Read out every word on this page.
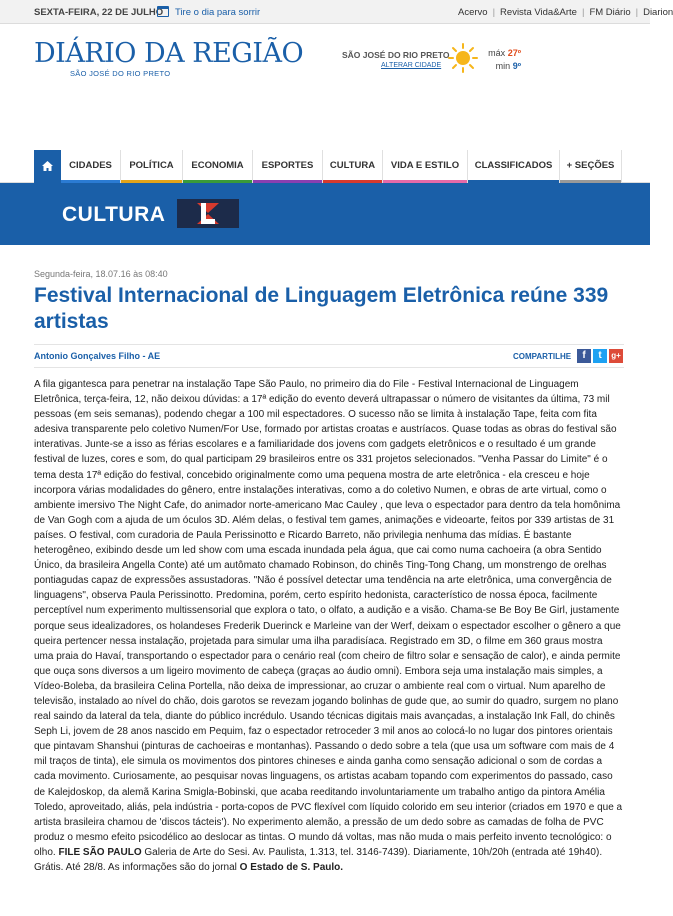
SEXTA-FEIRA, 22 DE JULHO Tire o dia para sorrir	Acervo | Revista Vida&Arte | FM Diário | Diarion
DIÁRIO DA REGIÃO
SÃO JOSÉ DO RIO PRETO
SÃO JOSÉ DO RIO PRETO
ALTERAR CIDADE
máx 27º
min 9º
CIDADES	POLÍTICA	ECONOMIA	ESPORTES	CULTURA	VIDA E ESTILO	CLASSIFICADOS	+ SEÇÕES
CULTURA
Segunda-feira, 18.07.16 às 08:40
Festival Internacional de Linguagem Eletrônica reúne 339 artistas
Antonio Gonçalves Filho - AE	COMPARTILHE	f	t	g+

A fila gigantesca para penetrar na instalação Tape São Paulo, no primeiro dia do File - Festival Internacional de Linguagem Eletrônica, terça-feira, 12, não deixou dúvidas: a 17ª edição do evento deverá ultrapassar o número de visitantes da última, 73 mil pessoas (em seis semanas), podendo chegar a 100 mil espectadores. O sucesso não se limita à instalação Tape, feita com fita adesiva transparente pelo coletivo Numen/For Use, formado por artistas croatas e austríacos. Quase todas as obras do festival são interativas. Junte-se a isso as férias escolares e a familiaridade dos jovens com gadgets eletrônicos e o resultado é um grande festival de luzes, cores e som, do qual participam 29 brasileiros entre os 331 projetos selecionados. "Venha Passar do Limite" é o tema desta 17ª edição do festival, concebido originalmente como uma pequena mostra de arte eletrônica - ela cresceu e hoje incorpora várias modalidades do gênero, entre instalações interativas, como a do coletivo Numen, e obras de arte virtual, como o ambiente imersivo The Night Cafe, do animador norte-americano Mac Cauley , que leva o espectador para dentro da tela homônima de Van Gogh com a ajuda de um óculos 3D. Além delas, o festival tem games, animações e videoarte, feitos por 339 artistas de 31 países. O festival, com curadoria de Paula Perissinotto e Ricardo Barreto, não privilegia nenhuma das mídias. É bastante heterogêneo, exibindo desde um led show com uma escada inundada pela água, que cai como numa cachoeira (a obra Sentido Único, da brasileira Angella Conte) até um autômato chamado Robinson, do chinês Ting-Tong Chang, um monstrengo de orelhas pontiagudas capaz de expressões assustadoras. "Não é possível detectar uma tendência na arte eletrônica, uma convergência de linguagens", observa Paula Perissinotto. Predomina, porém, certo espírito hedonista, característico de nossa época, facilmente perceptível num experimento multissensorial que explora o tato, o olfato, a audição e a visão. Chama-se Be Boy Be Girl, justamente porque seus idealizadores, os holandeses Frederik Duerinck e Marleine van der Werf, deixam o espectador escolher o gênero a que queira pertencer nessa instalação, projetada para simular uma ilha paradisíaca. Registrado em 3D, o filme em 360 graus mostra uma praia do Havaí, transportando o espectador para o cenário real (com cheiro de filtro solar e sensação de calor), e ainda permite que ouça sons diversos a um ligeiro movimento de cabeça (graças ao áudio omni). Embora seja uma instalação mais simples, a Vídeo-Boleba, da brasileira Celina Portella, não deixa de impressionar, ao cruzar o ambiente real com o virtual. Num aparelho de televisão, instalado ao nível do chão, dois garotos se revezam jogando bolinhas de gude que, ao sumir do quadro, surgem no plano real saindo da lateral da tela, diante do público incrédulo. Usando técnicas digitais mais avançadas, a instalação Ink Fall, do chinês Seph Li, jovem de 28 anos nascido em Pequim, faz o espectador retroceder 3 mil anos ao colocá-lo no lugar dos pintores orientais que pintavam Shanshui (pinturas de cachoeiras e montanhas). Passando o dedo sobre a tela (que usa um software com mais de 4 mil traços de tinta), ele simula os movimentos dos pintores chineses e ainda ganha como sensação adicional o som de cordas a cada movimento. Curiosamente, ao pesquisar novas linguagens, os artistas acabam topando com experimentos do passado, caso de Kalejdoskop, da alemã Karina Smigla-Bobinski, que acaba reeditando involuntariamente um trabalho antigo da pintora Amélia Toledo, aproveitado, aliás, pela indústria - porta-copos de PVC flexível com líquido colorido em seu interior (criados em 1970 e que a artista brasileira chamou de 'discos tácteis'). No experimento alemão, a pressão de um dedo sobre as camadas de folha de PVC produz o mesmo efeito psicodélico ao deslocar as tintas. O mundo dá voltas, mas não muda o mais perfeito invento tecnológico: o olho. FILE SÃO PAULO Galeria de Arte do Sesi. Av. Paulista, 1.313, tel. 3146-7439). Diariamente, 10h/20h (entrada até 19h40). Grátis. Até 28/8. As informações são do jornal O Estado de S. Paulo.
